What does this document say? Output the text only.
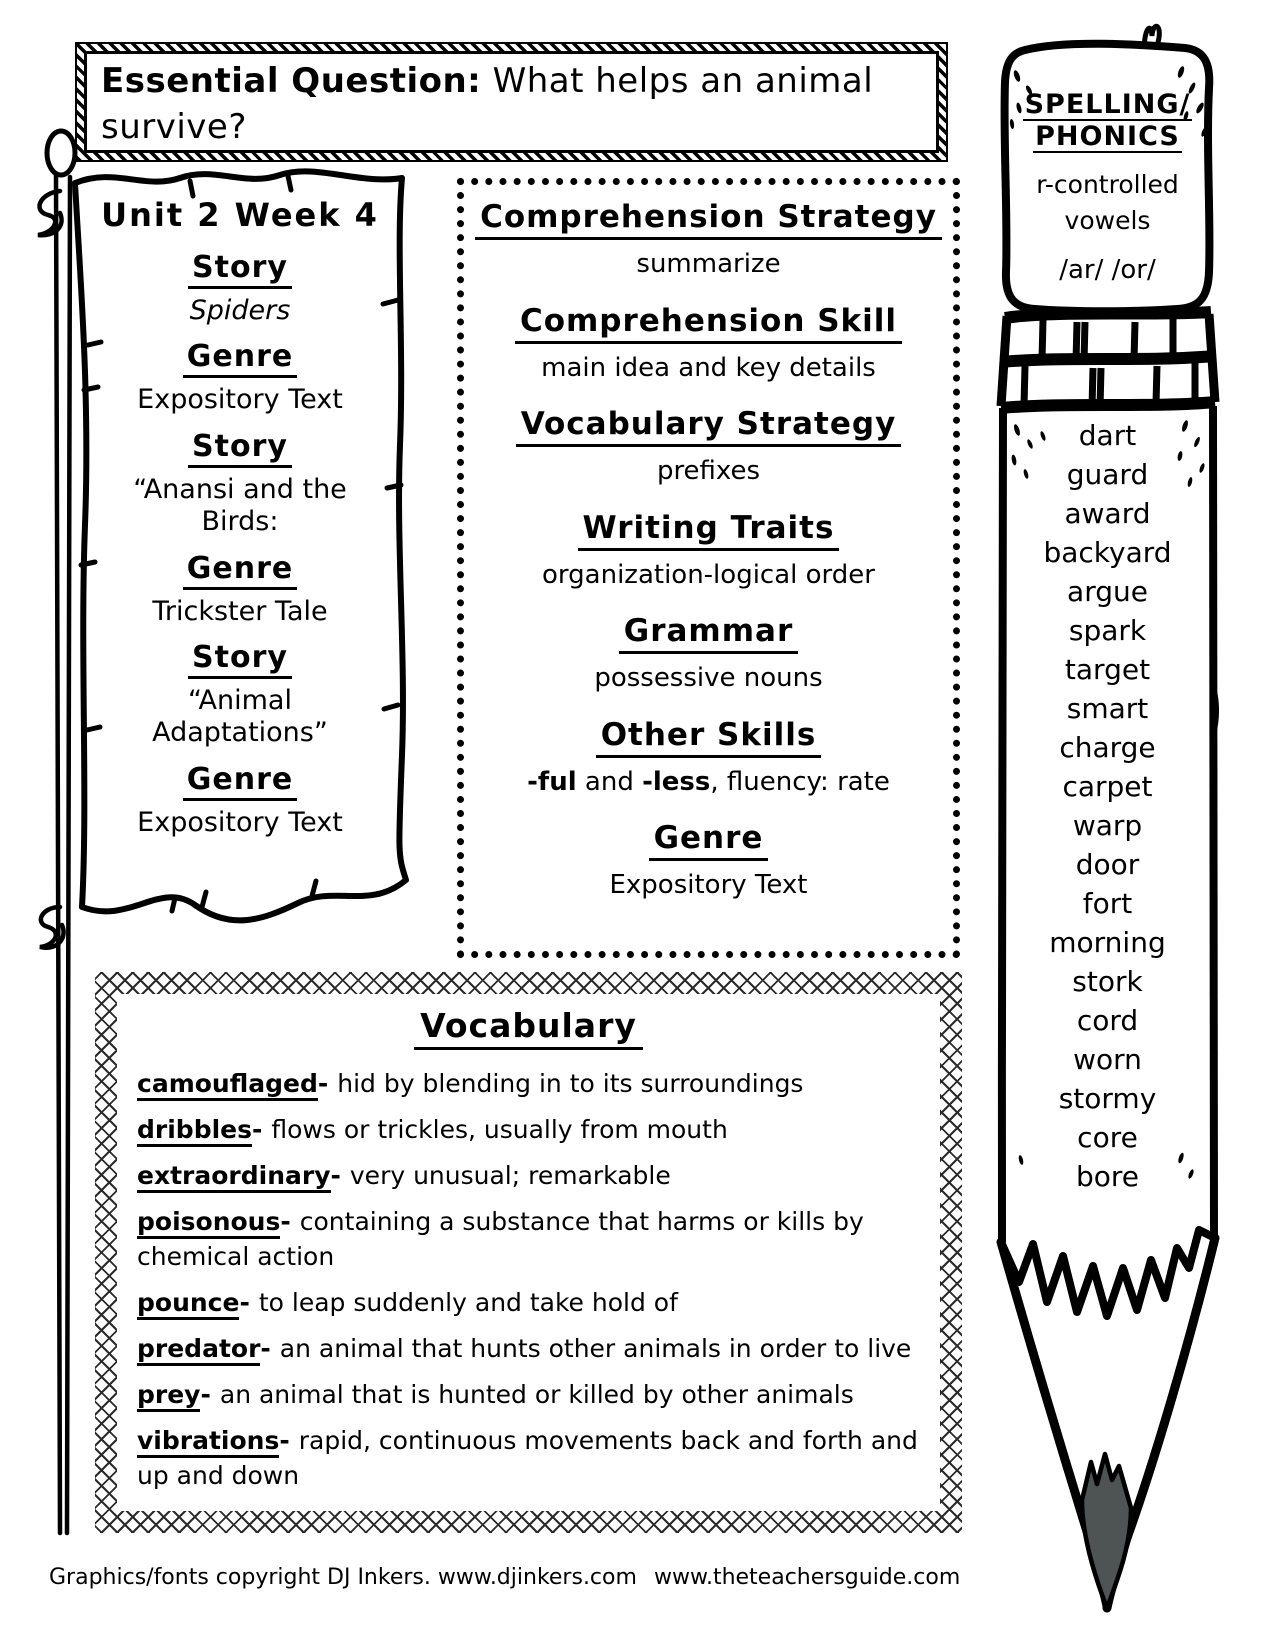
Essential Question: What helps an animal survive?
Unit 2 Week 4
Story
Spiders
Genre
Expository Text
Story
“Anansi and the Birds:
Genre
Trickster Tale
Story
“Animal Adaptations”
Genre
Expository Text
Comprehension Strategy
summarize
Comprehension Skill
main idea and key details
Vocabulary Strategy
prefixes
Writing Traits
organization-logical order
Grammar
possessive nouns
Other Skills
-ful and -less, fluency: rate
Genre
Expository Text
SPELLING/
PHONICS
r-controlled
vowels
/ar/ /or/
dart
guard
award
backyard
argue
spark
target
smart
charge
carpet
warp
door
fort
morning
stork
cord
worn
stormy
core
bore
Vocabulary
camouflaged- hid by blending in to its surroundings
dribbles- flows or trickles, usually from mouth
extraordinary- very unusual; remarkable
poisonous- containing a substance that harms or kills by chemical action
pounce- to leap suddenly and take hold of
predator- an animal that hunts other animals in order to live
prey- an animal that is hunted or killed by other animals
vibrations- rapid, continuous movements back and forth and up and down
Graphics/fonts copyright DJ Inkers. www.djinkers.com www.theteachersguide.com
